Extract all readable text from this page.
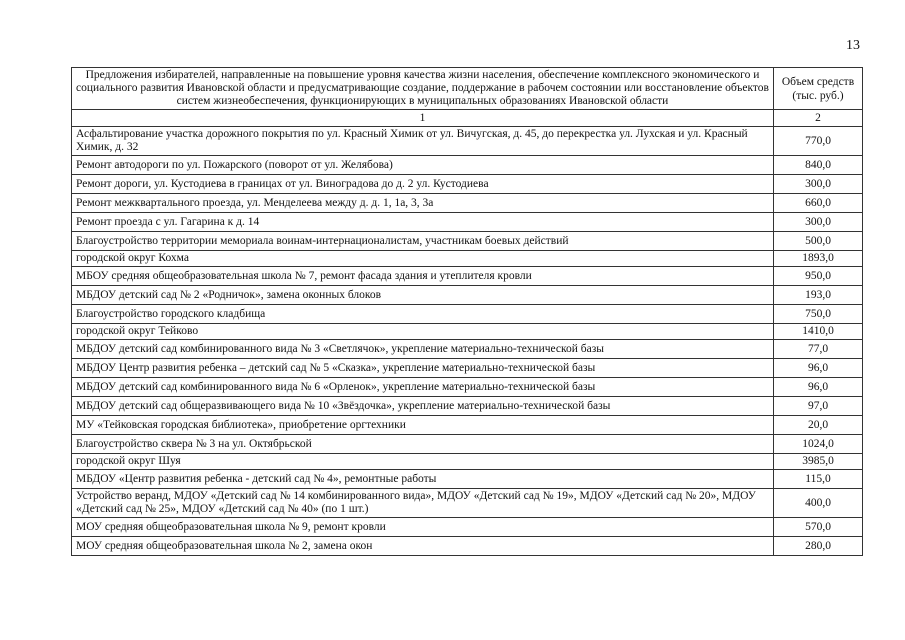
13
Предложения избирателей, направленные на повышение уровня качества жизни населения, обеспечение комплексного экономического и социального развития Ивановской области и предусматривающие создание, поддержание в рабочем состоянии или восстановление объектов систем жизнеобеспечения, функционирующих в муниципальных образованиях Ивановской области	Объем средств (тыс. руб.)
1	2
Асфальтирование участка дорожного покрытия по ул. Красный Химик от ул. Вичугская, д. 45, до перекрестка ул. Лухская и ул. Красный Химик, д. 32	770,0
Ремонт автодороги по ул. Пожарского (поворот от ул. Желябова)	840,0
Ремонт дороги, ул. Кустодиева в границах от ул. Виноградова до д. 2 ул. Кустодиева	300,0
Ремонт межквартального проезда, ул. Менделеева между д. д. 1, 1а, 3, 3а	660,0
Ремонт проезда с ул. Гагарина к д. 14	300,0
Благоустройство территории мемориала воинам-интернационалистам, участникам боевых действий	500,0
городской округ Кохма	1893,0
МБОУ средняя общеобразовательная школа № 7, ремонт фасада здания и утеплителя кровли	950,0
МБДОУ детский сад № 2 «Родничок», замена оконных блоков	193,0
Благоустройство городского кладбища	750,0
городской округ Тейково	1410,0
МБДОУ детский сад комбинированного вида № 3 «Светлячок», укрепление материально-технической базы	77,0
МБДОУ Центр развития ребенка – детский сад № 5 «Сказка», укрепление материально-технической базы	96,0
МБДОУ детский сад комбинированного вида № 6 «Орленок», укрепление материально-технической базы	96,0
МБДОУ детский сад общеразвивающего вида № 10 «Звёздочка», укрепление материально-технической базы	97,0
МУ «Тейковская городская библиотека», приобретение оргтехники	20,0
Благоустройство сквера № 3 на ул. Октябрьской	1024,0
городской округ Шуя	3985,0
МБДОУ «Центр развития ребенка - детский сад № 4», ремонтные работы	115,0
Устройство веранд, МДОУ «Детский сад № 14 комбинированного вида», МДОУ «Детский сад № 19», МДОУ «Детский сад № 20», МДОУ «Детский сад № 25», МДОУ «Детский сад № 40» (по 1 шт.)	400,0
МОУ средняя общеобразовательная школа № 9, ремонт кровли	570,0
МОУ средняя общеобразовательная школа № 2, замена окон	280,0
